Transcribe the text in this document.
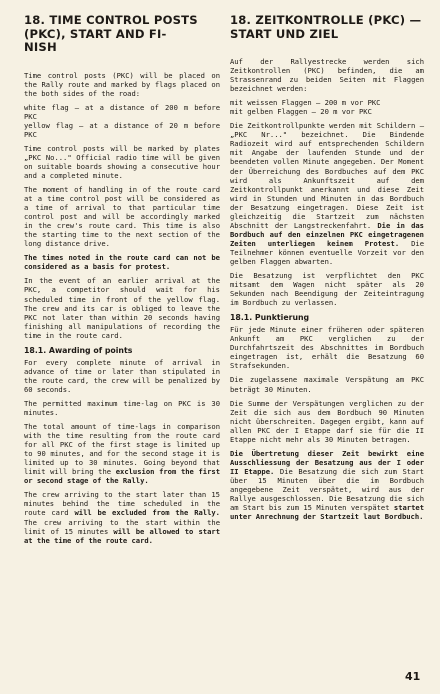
18. TIME CONTROL POSTS
(PKC), START AND FI-
NISH

Time control posts (PKC) will be placed on the Rally route and marked by flags placed on the both sides of the road:

white flag — at a distance of 200 m before PKC

yellow flag — at a distance of 20 m before PKC

Time control posts will be marked by plates „PKC No..." Official radio time will be given on suitable boards showing a consecutive hour and a completed minute.

The moment of handling in of the route card at a time control post will be considered as a time of arrival to that particular time control post and will be accordingly marked in the crew's route card. This time is also the starting time to the next section of the long distance drive.

The times noted in the route card can not be considered as a basis for protest.

In the event of an earlier arrival at the PKC, a competitor should wait for his scheduled time in front of the yellow flag. The crew and its car is obliged to leave the PKC not later than within 20 seconds having finishing all manipulations of recording the time in the route card.

18.1. Awarding of points

For every complete minute of arrival in advance of time or later than stipulated in the route card, the crew will be penalized by 60 seconds.

The permitted maximum time-lag on PKC is 30 minutes.

The total amount of time-lags in comparison with the time resulting from the route card for all PKC of the first stage is limited up to 90 minutes, and for the second stage it is limited up to 30 minutes. Going beyond that limit will bring the exclusion from the first or second stage of the Rally.

The crew arriving to the start later than 15 minutes behind the time scheduled in the route card will be excluded from the Rally. The crew arriving to the start within the limit of 15 minutes will be allowed to start at the time of the route card.

18. ZEITKONTROLLE (PKC) —
START UND ZIEL

Auf der Rallyestrecke werden sich Zeitkontrollen (PKC) befinden, die am Strassenrand zu beiden Seiten mit Flaggen bezeichnet werden:

mit weissen Flaggen — 200 m vor PKC

mit gelben Flaggen — 20 m vor PKC

Die Zeitkontrollpunkte werden mit Schildern — „PKC Nr..." bezeichnet. Die Bindende Radiozeit wird auf entsprechenden Schildern mit Angabe der laufenden Stunde und der beendeten vollen Minute angegeben. Der Moment der Überreichung des Bordbuches auf dem PKC wird als Ankunftszeit auf dem Zeitkontrollpunkt anerkannt und diese Zeit wird in Stunden und Minuten in das Bordbuch der Besatzung eingetragen. Diese Zeit ist gleichzeitig die Startzeit zum nächsten Abschnitt der Langstreckenfahrt. Die in das Bordbuch auf den einzelnen PKC eingetragenen Zeiten unterliegen keinem Protest. Die Teilnehmer können eventuelle Vorzeit vor den gelben Flaggen abwarten.

Die Besatzung ist verpflichtet den PKC mitsamt dem Wagen nicht später als 20 Sekunden nach Beendigung der Zeiteintragung im Bordbuch zu verlassen.

18.1. Punktierung

Für jede Minute einer früheren oder späteren Ankunft am PKC verglichen zu der Durchfahrtszeit des Abschnittes im Bordbuch eingetragen ist, erhält die Besatzung 60 Strafsekunden.

Die zugelassene maximale Verspätung am PKC beträgt 30 Minuten.

Die Summe der Verspätungen verglichen zu der Zeit die sich aus dem Bordbuch 90 Minuten nicht überschreiten. Dagegen ergibt, kann auf allen PKC der I Etappe darf sie für die II Etappe nicht mehr als 30 Minuten betragen.

Die Übertretung dieser Zeit bewirkt eine Ausschliessung der Besatzung aus der I oder II Etappe. Die Besatzung die sich zum Start über 15 Minuten über die im Bordbuch angegebene Zeit verspätet, wird aus der Rallye ausgeschlossen. Die Besatzung die sich am Start bis zum 15 Minuten verspätet startet unter Anrechnung der Startzeit laut Bordbuch.

41
